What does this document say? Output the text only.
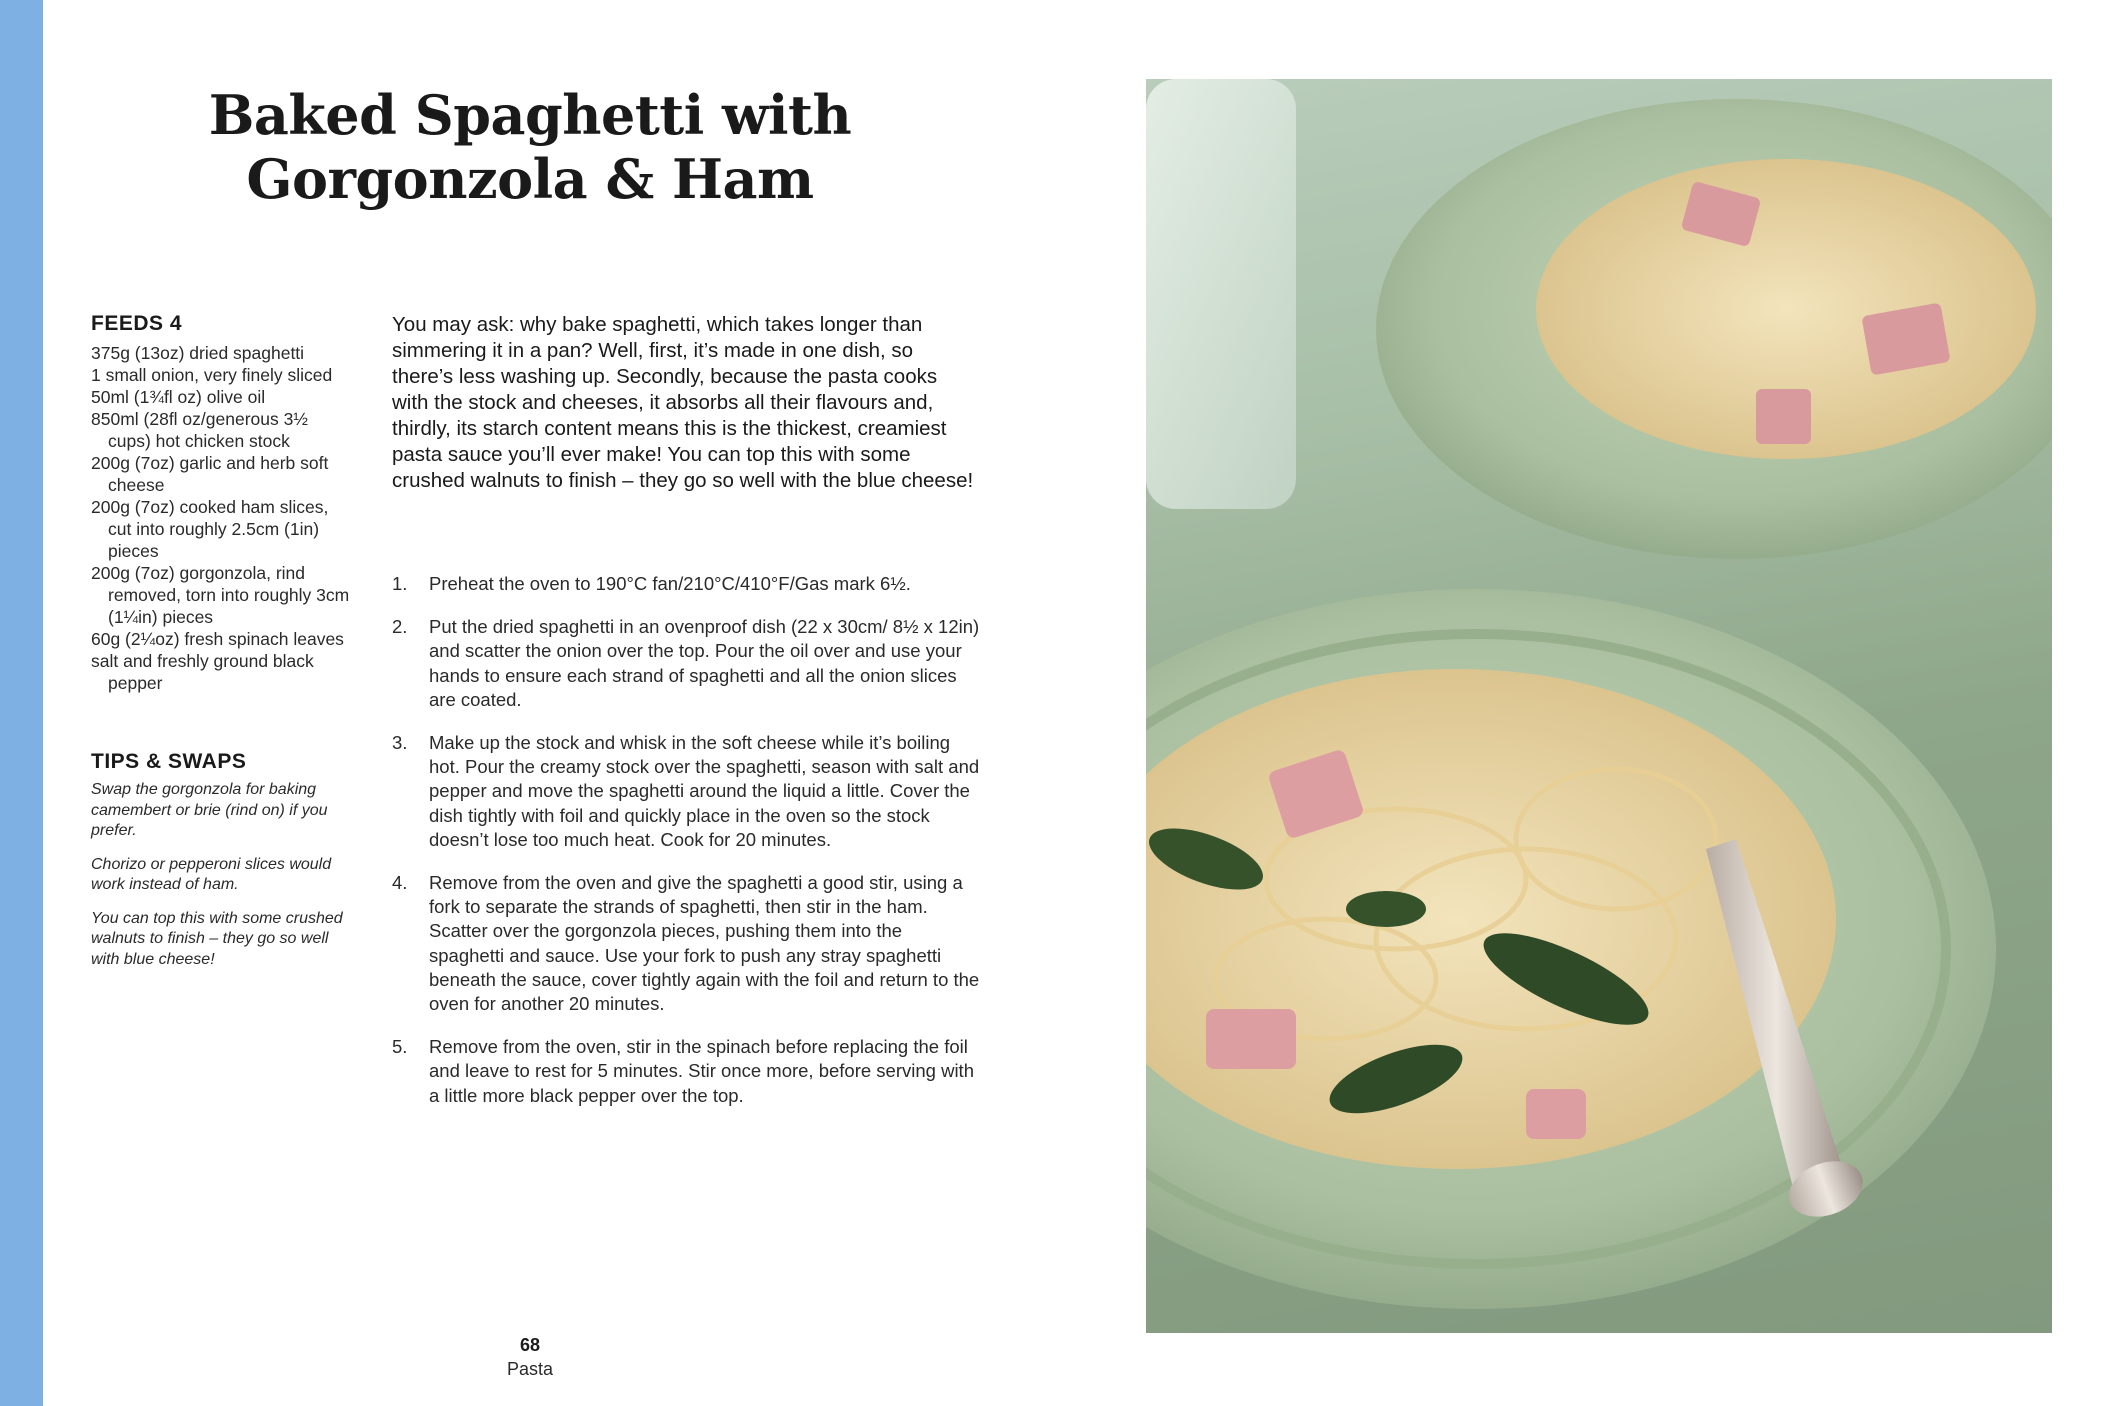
Baked Spaghetti with
Gorgonzola & Ham
FEEDS 4
375g (13oz) dried spaghetti
1 small onion, very finely sliced
50ml (1¾fl oz) olive oil
850ml (28fl oz/generous 3½ cups) hot chicken stock
200g (7oz) garlic and herb soft cheese
200g (7oz) cooked ham slices, cut into roughly 2.5cm (1in) pieces
200g (7oz) gorgonzola, rind removed, torn into roughly 3cm (1¼in) pieces
60g (2¼oz) fresh spinach leaves
salt and freshly ground black pepper
TIPS & SWAPS

Swap the gorgonzola for baking camembert or brie (rind on) if you prefer.

Chorizo or pepperoni slices would work instead of ham.

You can top this with some crushed walnuts to finish – they go so well with blue cheese!

You may ask: why bake spaghetti, which takes longer than simmering it in a pan? Well, first, it’s made in one dish, so there’s less washing up. Secondly, because the pasta cooks with the stock and cheeses, it absorbs all their flavours and, thirdly, its starch content means this is the thickest, creamiest pasta sauce you’ll ever make! You can top this with some crushed walnuts to finish – they go so well with the blue cheese!

1. Preheat the oven to 190°C fan/210°C/410°F/Gas mark 6½.
2. Put the dried spaghetti in an ovenproof dish (22 x 30cm/ 8½ x 12in) and scatter the onion over the top. Pour the oil over and use your hands to ensure each strand of spaghetti and all the onion slices are coated.
3. Make up the stock and whisk in the soft cheese while it’s boiling hot. Pour the creamy stock over the spaghetti, season with salt and pepper and move the spaghetti around the liquid a little. Cover the dish tightly with foil and quickly place in the oven so the stock doesn’t lose too much heat. Cook for 20 minutes.
4. Remove from the oven and give the spaghetti a good stir, using a fork to separate the strands of spaghetti, then stir in the ham. Scatter over the gorgonzola pieces, pushing them into the spaghetti and sauce. Use your fork to push any stray spaghetti beneath the sauce, cover tightly again with the foil and return to the oven for another 20 minutes.
5. Remove from the oven, stir in the spinach before replacing the foil and leave to rest for 5 minutes. Stir once more, before serving with a little more black pepper over the top.
68
Pasta
